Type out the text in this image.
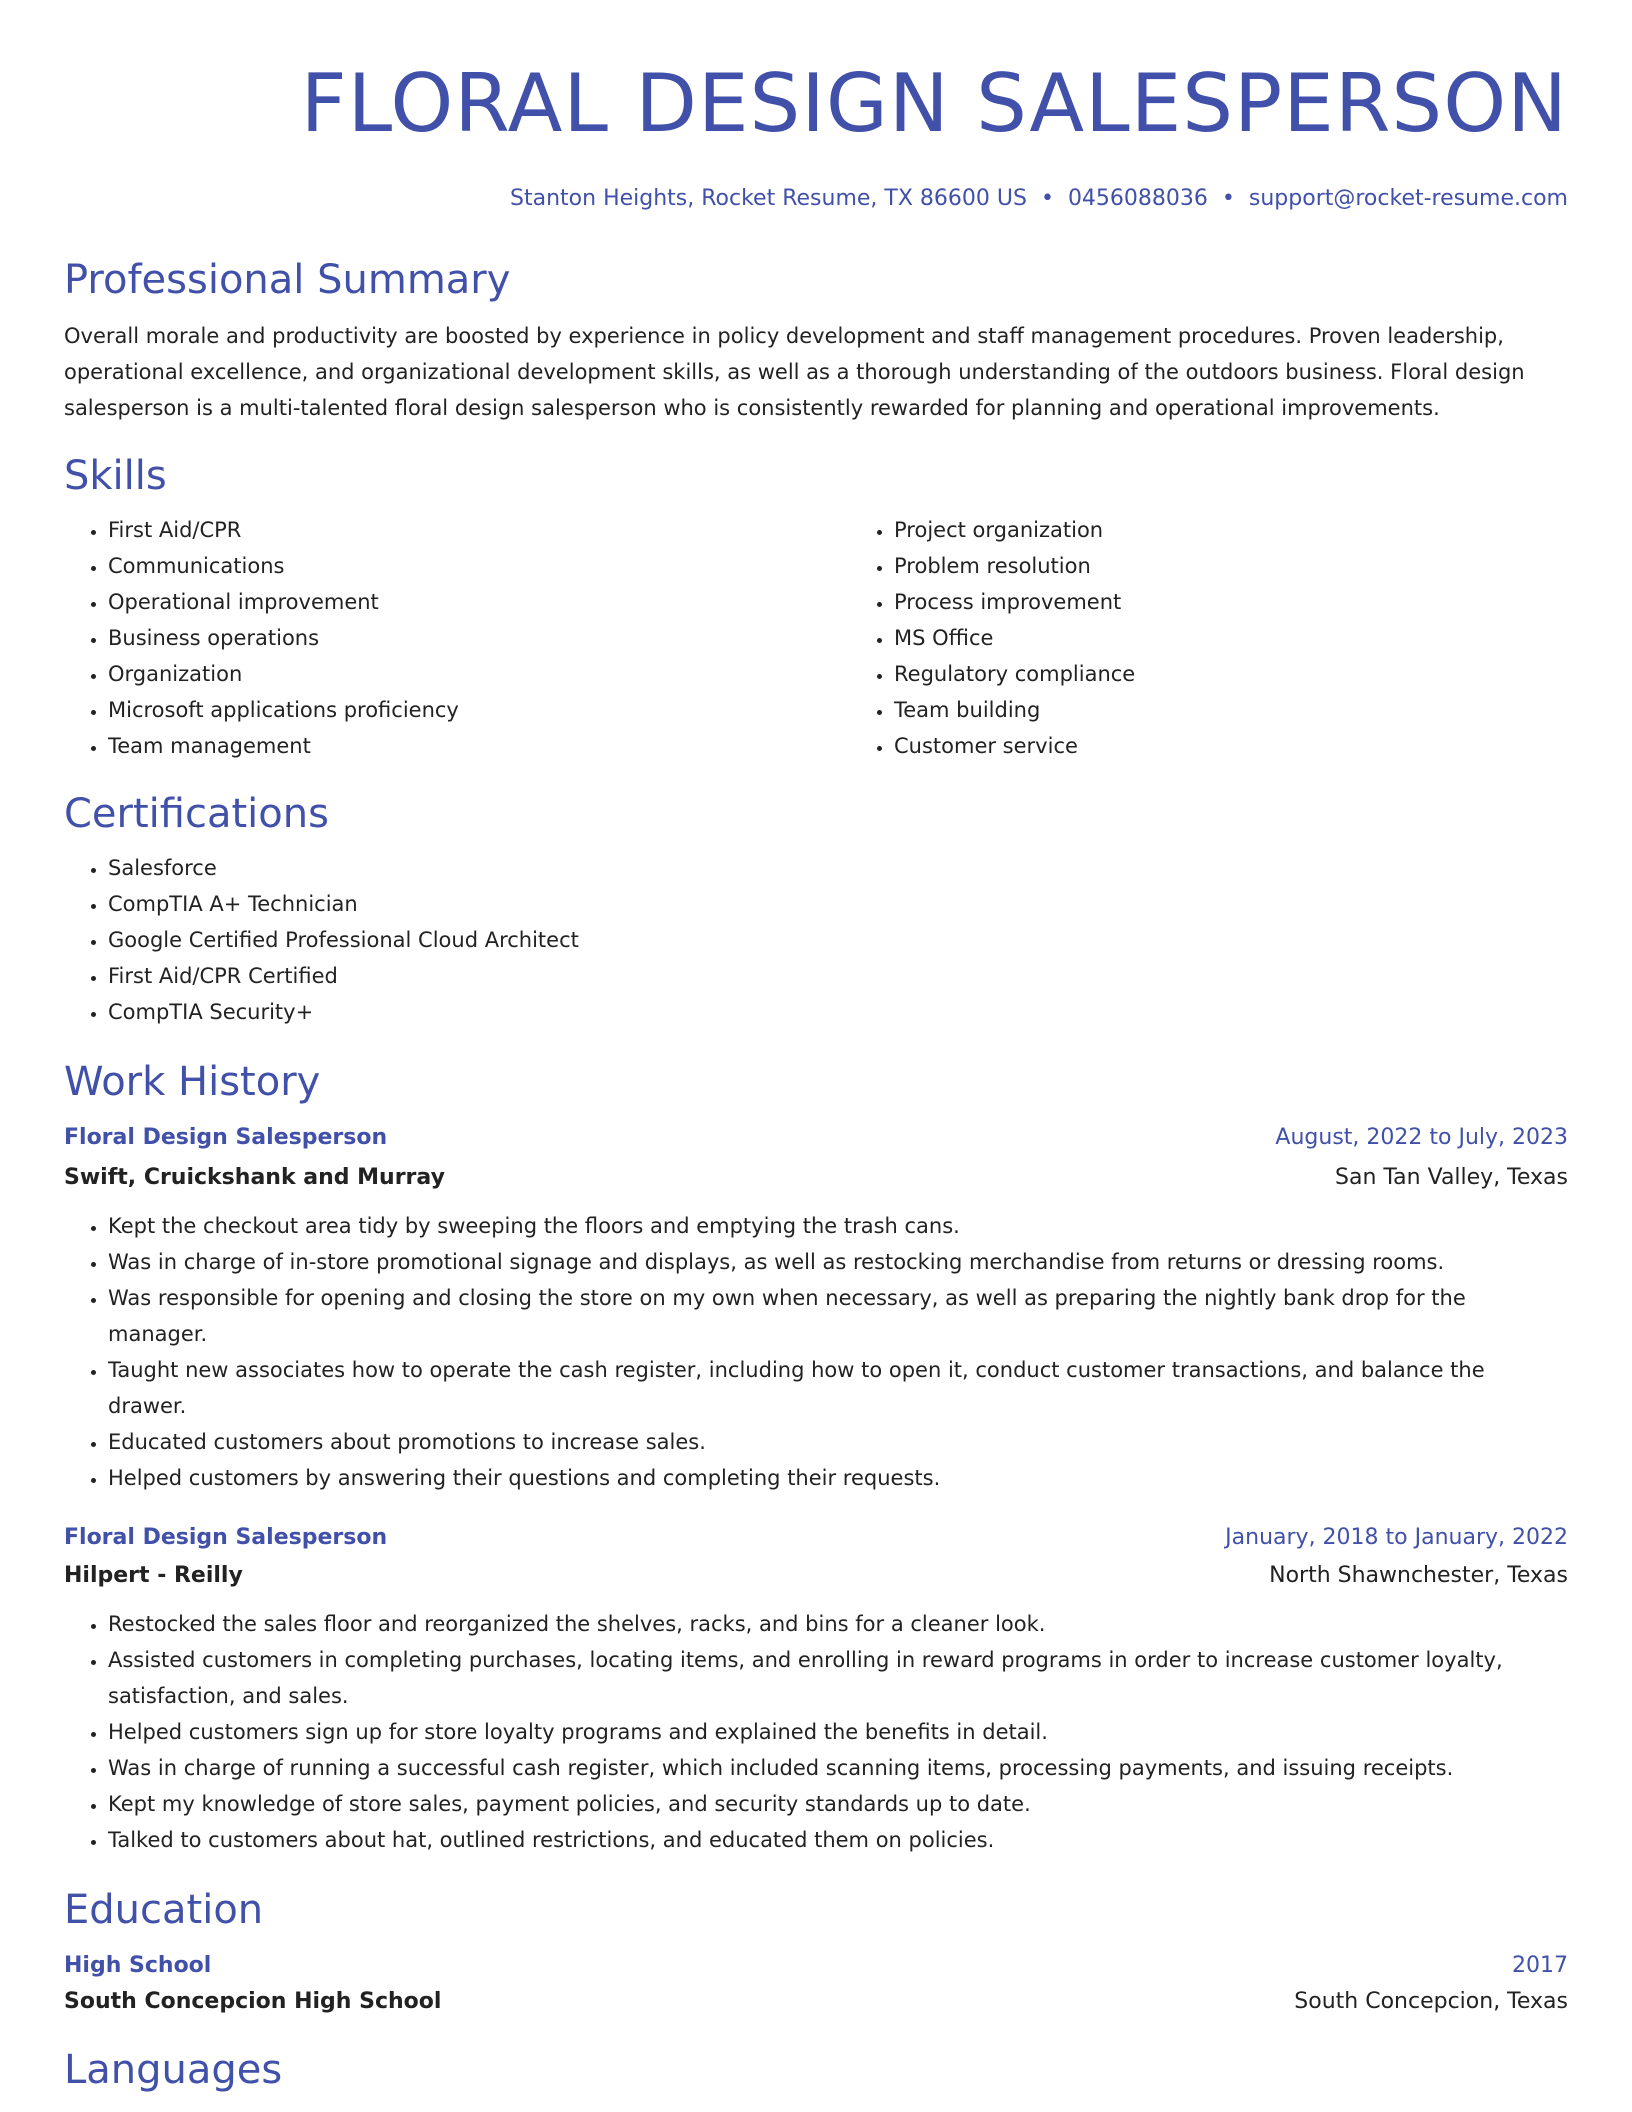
FLORAL DESIGN SALESPERSON
Stanton Heights, Rocket Resume, TX 86600 US • 0456088036 • support@rocket-resume.com
Professional Summary

Overall morale and productivity are boosted by experience in policy development and staff management procedures. Proven leadership, operational excellence, and organizational development skills, as well as a thorough understanding of the outdoors business. Floral design salesperson is a multi-talented floral design salesperson who is consistently rewarded for planning and operational improvements.

Skills
• First Aid/CPR
• Communications
• Operational improvement
• Business operations
• Organization
• Microsoft applications proficiency
• Team management
• Project organization
• Problem resolution
• Process improvement
• MS Office
• Regulatory compliance
• Team building
• Customer service
Certifications
• Salesforce
• CompTIA A+ Technician
• Google Certified Professional Cloud Architect
• First Aid/CPR Certified
• CompTIA Security+
Work History
Floral Design Salesperson	August, 2022 to July, 2023
Swift, Cruickshank and Murray	San Tan Valley, Texas
• Kept the checkout area tidy by sweeping the floors and emptying the trash cans.
• Was in charge of in-store promotional signage and displays, as well as restocking merchandise from returns or dressing rooms.
• Was responsible for opening and closing the store on my own when necessary, as well as preparing the nightly bank drop for the manager.
• Taught new associates how to operate the cash register, including how to open it, conduct customer transactions, and balance the drawer.
• Educated customers about promotions to increase sales.
• Helped customers by answering their questions and completing their requests.
Floral Design Salesperson	January, 2018 to January, 2022
Hilpert - Reilly	North Shawnchester, Texas
• Restocked the sales floor and reorganized the shelves, racks, and bins for a cleaner look.
• Assisted customers in completing purchases, locating items, and enrolling in reward programs in order to increase customer loyalty, satisfaction, and sales.
• Helped customers sign up for store loyalty programs and explained the benefits in detail.
• Was in charge of running a successful cash register, which included scanning items, processing payments, and issuing receipts.
• Kept my knowledge of store sales, payment policies, and security standards up to date.
• Talked to customers about hat, outlined restrictions, and educated them on policies.
Education
High School	2017
South Concepcion High School	South Concepcion, Texas
Languages
